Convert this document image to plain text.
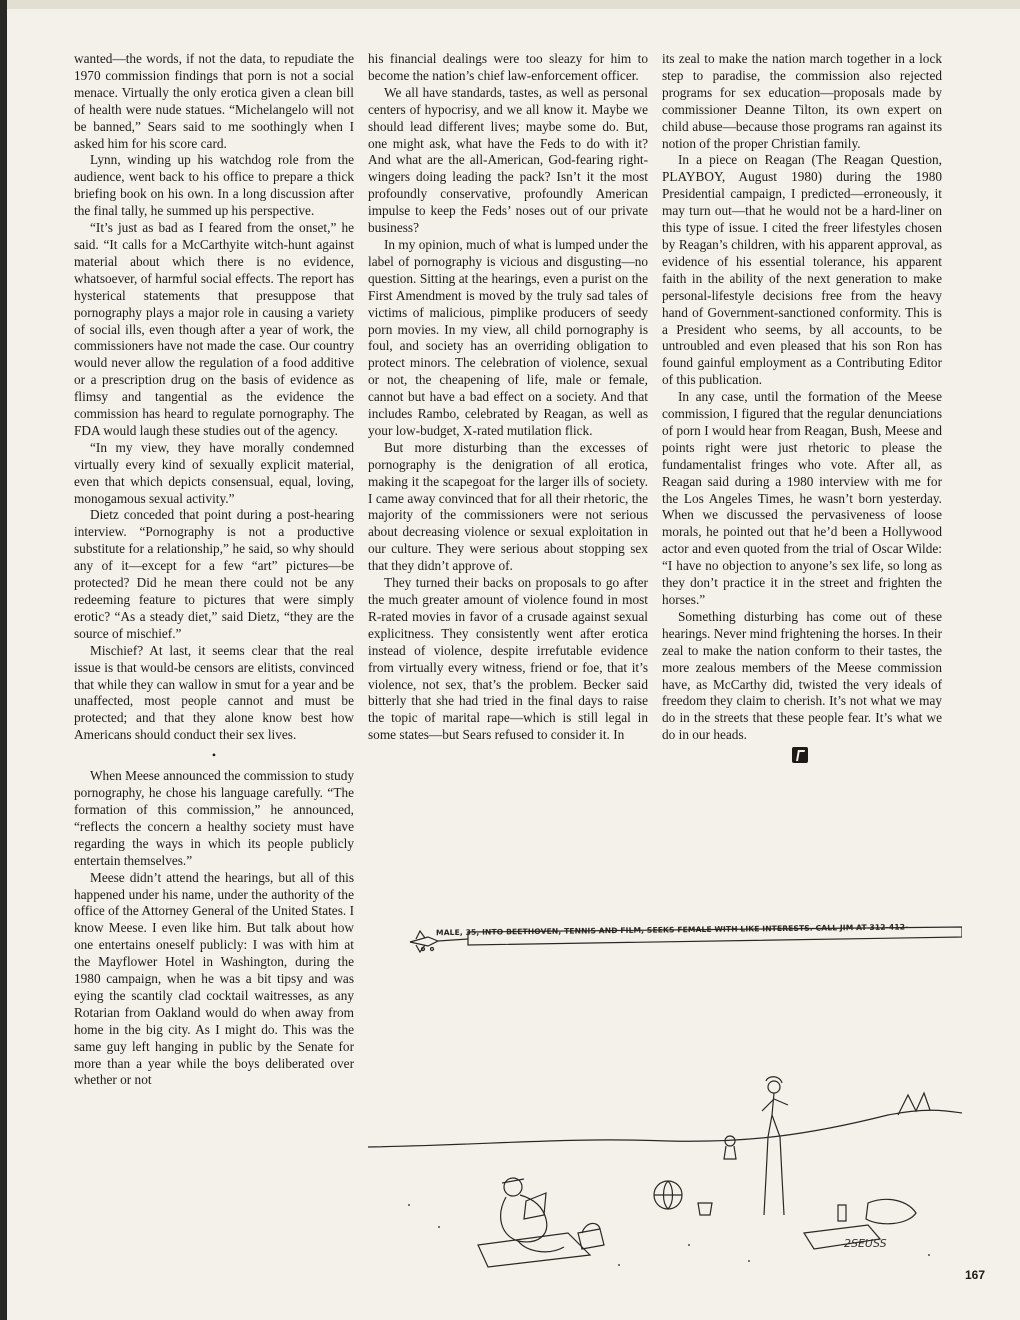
wanted—the words, if not the data, to repudiate the 1970 commission findings that porn is not a social menace. Virtually the only erotica given a clean bill of health were nude statues. “Michelangelo will not be banned,” Sears said to me soothingly when I asked him for his score card.

Lynn, winding up his watchdog role from the audience, went back to his office to prepare a thick briefing book on his own. In a long discussion after the final tally, he summed up his perspective.

“It’s just as bad as I feared from the onset,” he said. “It calls for a McCarthyite witch-hunt against material about which there is no evidence, whatsoever, of harmful social effects. The report has hysterical statements that presuppose that pornography plays a major role in causing a variety of social ills, even though after a year of work, the commissioners have not made the case. Our country would never allow the regulation of a food additive or a prescription drug on the basis of evidence as flimsy and tangential as the evidence the commission has heard to regulate pornography. The FDA would laugh these studies out of the agency.

“In my view, they have morally condemned virtually every kind of sexually explicit material, even that which depicts consensual, equal, loving, monogamous sexual activity.”

Dietz conceded that point during a post-hearing interview. “Pornography is not a productive substitute for a relationship,” he said, so why should any of it—except for a few “art” pictures—be protected? Did he mean there could not be any redeeming feature to pictures that were simply erotic? “As a steady diet,” said Dietz, “they are the source of mischief.”

Mischief? At last, it seems clear that the real issue is that would-be censors are elitists, convinced that while they can wallow in smut for a year and be unaffected, most people cannot and must be protected; and that they alone know best how Americans should conduct their sex lives.

•

When Meese announced the commission to study pornography, he chose his language carefully. “The formation of this commission,” he announced, “reflects the concern a healthy society must have regarding the ways in which its people publicly entertain themselves.”

Meese didn’t attend the hearings, but all of this happened under his name, under the authority of the office of the Attorney General of the United States. I know Meese. I even like him. But talk about how one entertains oneself publicly: I was with him at the Mayflower Hotel in Washington, during the 1980 campaign, when he was a bit tipsy and was eying the scantily clad cocktail waitresses, as any Rotarian from Oakland would do when away from home in the big city. As I might do. This was the same guy left hanging in public by the Senate for more than a year while the boys deliberated over whether or not

his financial dealings were too sleazy for him to become the nation’s chief law-enforcement officer.

We all have standards, tastes, as well as personal centers of hypocrisy, and we all know it. Maybe we should lead different lives; maybe some do. But, one might ask, what have the Feds to do with it? And what are the all-American, God-fearing right-wingers doing leading the pack? Isn’t it the most profoundly conservative, profoundly American impulse to keep the Feds’ noses out of our private business?

In my opinion, much of what is lumped under the label of pornography is vicious and disgusting—no question. Sitting at the hearings, even a purist on the First Amendment is moved by the truly sad tales of victims of malicious, pimplike producers of seedy porn movies. In my view, all child pornography is foul, and society has an overriding obligation to protect minors. The celebration of violence, sexual or not, the cheapening of life, male or female, cannot but have a bad effect on a society. And that includes Rambo, celebrated by Reagan, as well as your low-budget, X-rated mutilation flick.

But more disturbing than the excesses of pornography is the denigration of all erotica, making it the scapegoat for the larger ills of society. I came away convinced that for all their rhetoric, the majority of the commissioners were not serious about decreasing violence or sexual exploitation in our culture. They were serious about stopping sex that they didn’t approve of.

They turned their backs on proposals to go after the much greater amount of violence found in most R-rated movies in favor of a crusade against sexual explicitness. They consistently went after erotica instead of violence, despite irrefutable evidence from virtually every witness, friend or foe, that it’s violence, not sex, that’s the problem. Becker said bitterly that she had tried in the final days to raise the topic of marital rape—which is still legal in some states—but Sears refused to consider it. In

its zeal to make the nation march together in a lock step to paradise, the commission also rejected programs for sex education—proposals made by commissioner Deanne Tilton, its own expert on child abuse—because those programs ran against its notion of the proper Christian family.

In a piece on Reagan (The Reagan Question, PLAYBOY, August 1980) during the 1980 Presidential campaign, I predicted—erroneously, it may turn out—that he would not be a hard-liner on this type of issue. I cited the freer lifestyles chosen by Reagan’s children, with his apparent approval, as evidence of his essential tolerance, his apparent faith in the ability of the next generation to make personal-lifestyle decisions free from the heavy hand of Government-sanctioned conformity. This is a President who seems, by all accounts, to be untroubled and even pleased that his son Ron has found gainful employment as a Contributing Editor of this publication.

In any case, until the formation of the Meese commission, I figured that the regular denunciations of porn I would hear from Reagan, Bush, Meese and points right were just rhetoric to please the fundamentalist fringes who vote. After all, as Reagan said during a 1980 interview with me for the Los Angeles Times, he wasn’t born yesterday. When we discussed the pervasiveness of loose morals, he pointed out that he’d been a Hollywood actor and even quoted from the trial of Oscar Wilde: “I have no objection to anyone’s sex life, so long as they don’t practice it in the street and frighten the horses.”

Something disturbing has come out of these hearings. Never mind frightening the horses. In their zeal to make the nation conform to their tastes, the more zealous members of the Meese commission have, as McCarthy did, twisted the very ideals of freedom they claim to cherish. It’s not what we may do in the streets that these people fear. It’s what we do in our heads.

MALE, 35, INTO BEETHOVEN, TENNIS AND FILM, SEEKS FEMALE WITH LIKE INTERESTS. CALL JIM AT 312-412-
2SEUSS
167
